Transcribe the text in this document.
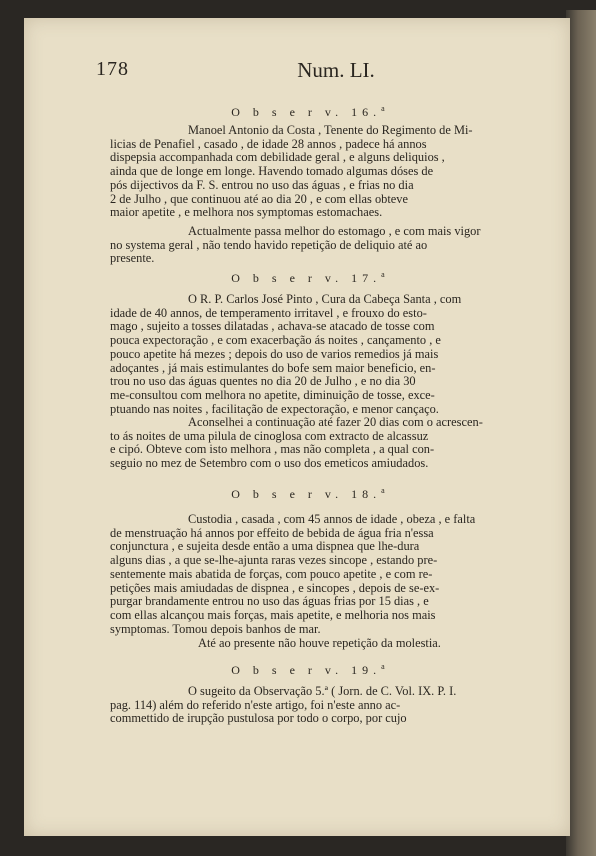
178	Num. LI.
O b s e r v. 16.$^a$
Manoel Antonio da Costa , Tenente do Regimento de Mi-
licias de Penafiel , casado , de idade 28 annos , padece há annos
dispepsia accompanhada com debilidade geral , e alguns deliquios ,
ainda que de longe em longe. Havendo tomado algumas dóses de
pós dijectivos da F. S. entrou no uso das águas , e frias no dia
2 de Julho , que continuou até ao dia 20 , e com ellas obteve
maior apetite , e melhora nos symptomas estomachaes.
Actualmente passa melhor do estomago , e com mais vigor
no systema geral , não tendo havido repetição de deliquio até ao
presente.
O b s e r v. 17.$^a$
O R. P. Carlos José Pinto , Cura da Cabeça Santa , com
idade de 40 annos, de temperamento irritavel , e frouxo do esto-
mago , sujeito a tosses dilatadas , achava-se atacado de tosse com
pouca expectoração , e com exacerbação ás noites , cançamento , e
pouco apetite há mezes ; depois do uso de varios remedios já mais
adoçantes , já mais estimulantes do bofe sem maior beneficio, en-
trou no uso das águas quentes no dia 20 de Julho , e no dia 30
me-consultou com melhora no apetite, diminuição de tosse, exce-
ptuando nas noites , facilitação de expectoração, e menor cançaço.
Aconselhei a continuação até fazer 20 dias com o acrescen-
to ás noites de uma pilula de cinoglosa com extracto de alcassuz
e cipó. Obteve com isto melhora , mas não completa , a qual con-
seguio no mez de Setembro com o uso dos emeticos amiudados.
O b s e r v. 18.$^a$
Custodia , casada , com 45 annos de idade , obeza , e falta
de menstruação há annos por effeito de bebida de água fria n'essa
conjunctura , e sujeita desde então a uma dispnea que lhe-dura
alguns dias , a que se-lhe-ajunta raras vezes sincope , estando pre-
sentemente mais abatida de forças, com pouco apetite , e com re-
petições mais amiudadas de dispnea , e sincopes , depois de se-ex-
purgar brandamente entrou no uso das águas frias por 15 dias , e
com ellas alcançou mais forças, mais apetite, e melhoria nos mais
symptomas. Tomou depois banhos de mar.
Até ao presente não houve repetição da molestia.
O b s e r v. 19.$^a$
O sugeito da Observação 5.ª ( Jorn. de C. Vol. IX. P. I.
pag. 114) além do referido n'este artigo, foi n'este anno ac-
commettido de irupção pustulosa por todo o corpo, por cujo
